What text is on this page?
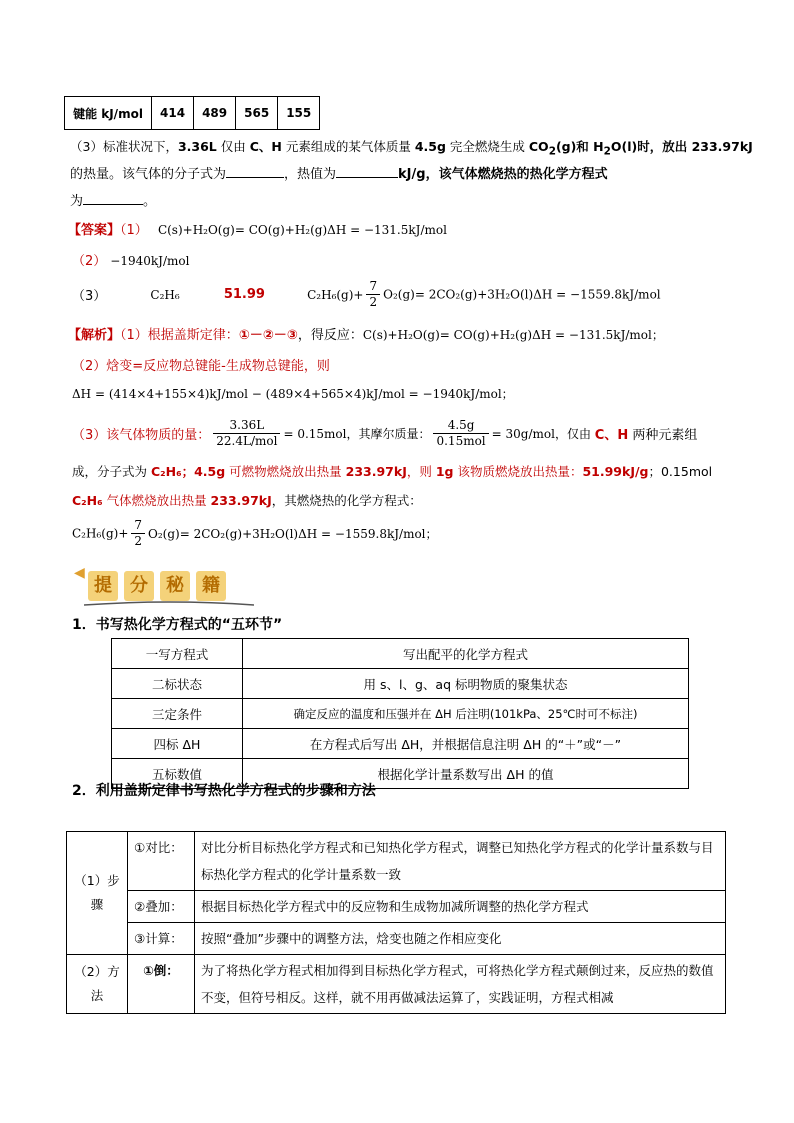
键能 kJ/mol	414	489	565	155
（3）标准状况下，3.36L 仅由 C、H 元素组成的某气体质量 4.5g 完全燃烧生成 $CO_2(g)$和 $H_2O(l)$时，放出 233.97kJ
的热量。该气体的分子式为	，热值为	kJ/g，该气体燃烧热的热化学方程式
为	。
【答案】（1） C(s)+H₂O(g)= CO(g)+H₂(g)ΔH = −131.5kJ/mol
（2） −1940kJ/mol
（3）	C₂H₆	51.99	$C_2H_6(g)+ \frac{7}{2} O_2(g)= 2CO_2(g)+3H_2O(l)\Delta H = -1559.8kJ/mol$
【解析】（1）根据盖斯定律：①－②－③，得反应：C(s)+H₂O(g)= CO(g)+H₂(g)ΔH = −131.5kJ/mol；
（2）焓变=反应物总键能-生成物总键能，则
ΔH = (414×4+155×4)kJ/mol − (489×4+565×4)kJ/mol = −1940kJ/mol；
（3）该气体物质的量： $\frac{3.36L}{\text{22.4L/mol}} = 0.15mol$，其摩尔质量： $\frac{4.5g}{\text{0.15mol}} = 30g/mol$，仅由 C、H 两种元素组
成，分子式为 C₂H₆；4.5g 可燃物燃烧放出热量 233.97kJ，则 1g 该物质燃烧放出热量：51.99kJ/g；0.15mol
C₂H₆ 气体燃烧放出热量 233.97kJ，其燃烧热的化学方程式：
$C_2H_6(g)+ \frac{7}{2} O_2(g)= 2CO_2(g)+3H_2O(l)\Delta H = -1559.8kJ/mol$；
◀
提	分	秘	籍
1．书写热化学方程式的“五环节”
一写方程式	写出配平的化学方程式
二标状态	用 s、l、g、aq 标明物质的聚集状态
三定条件	确定反应的温度和压强并在 ΔH 后注明(101kPa、25℃时可不标注)
四标 ΔH	在方程式后写出 ΔH，并根据信息注明 ΔH 的“＋”或“－”
五标数值	根据化学计量系数写出 ΔH 的值
2．利用盖斯定律书写热化学方程式的步骤和方法
（1）步
骤	①对比：	对比分析目标热化学方程式和已知热化学方程式，调整已知热化学方程式的化学计量系数与目标热化学方程式的化学计量系数一致
	②叠加：	根据目标热化学方程式中的反应物和生成物加减所调整的热化学方程式
	③计算：	按照“叠加”步骤中的调整方法，焓变也随之作相应变化
（2）方
法	①倒：	为了将热化学方程式相加得到目标热化学方程式，可将热化学方程式颠倒过来，反应热的数值不变，但符号相反。这样，就不用再做减法运算了，实践证明，方程式相减
